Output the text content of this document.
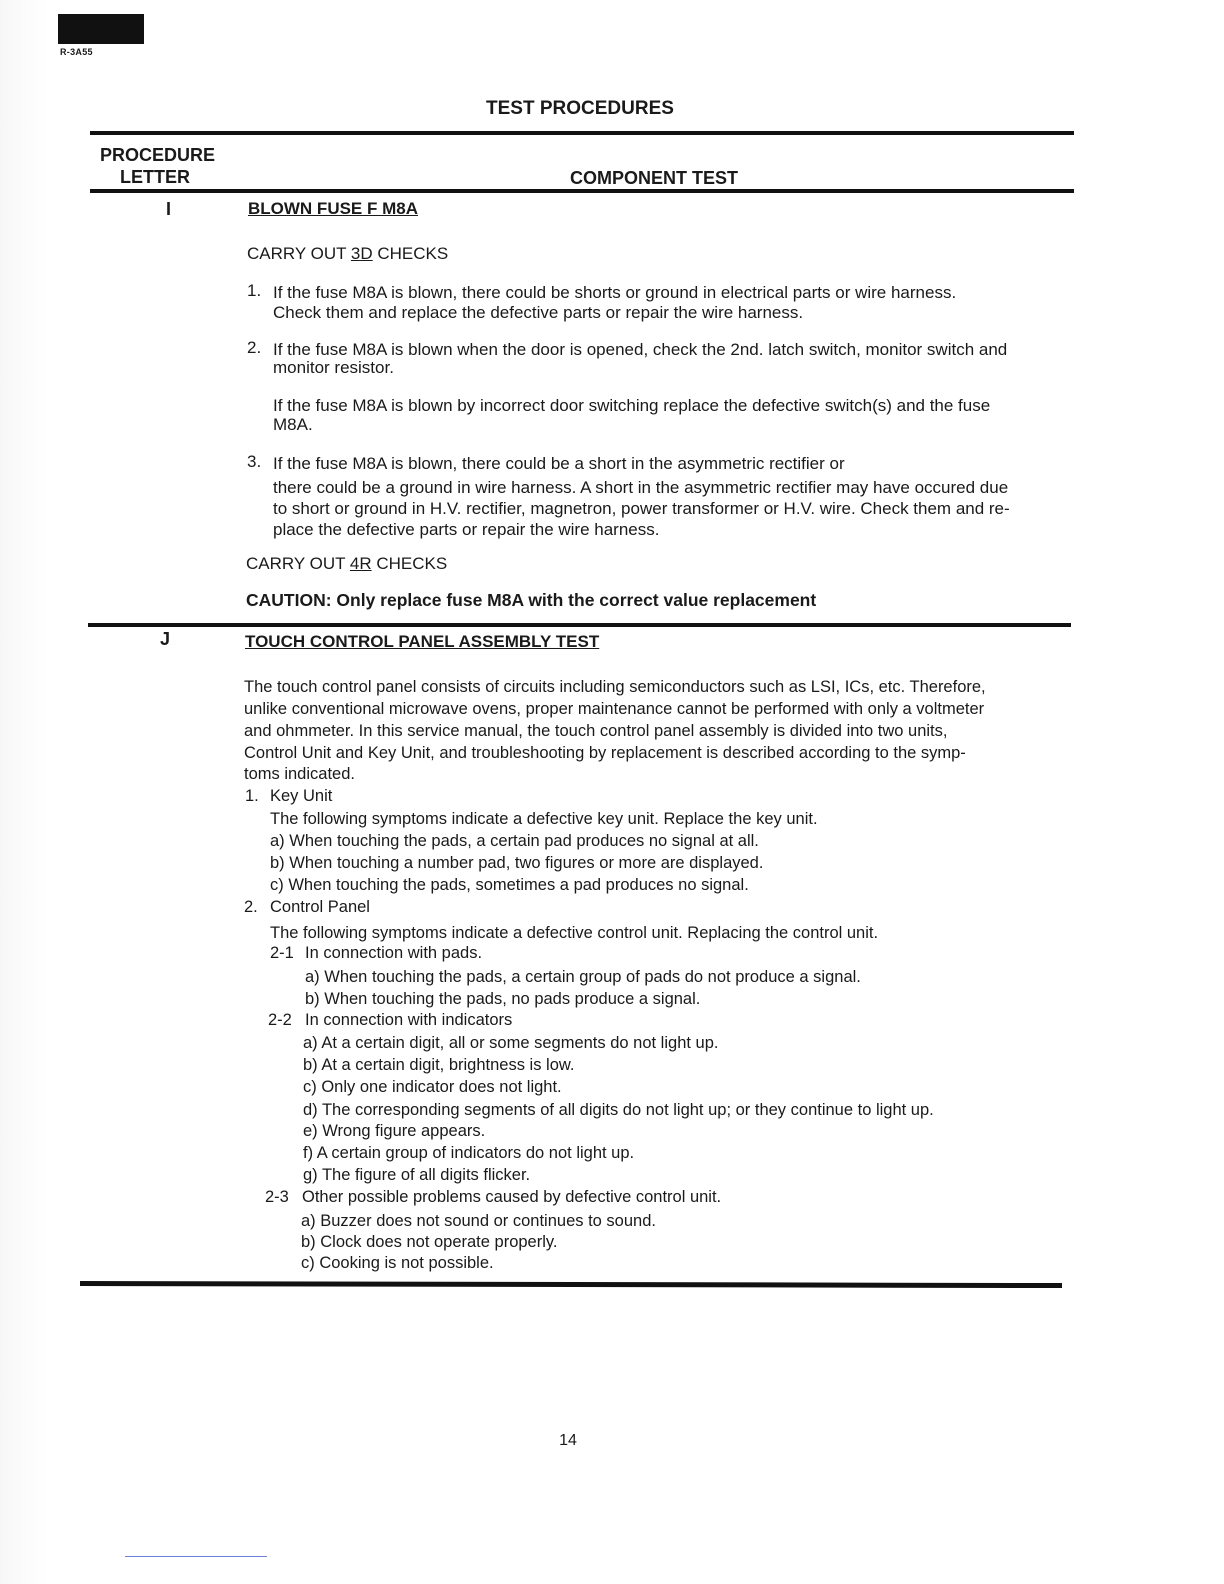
R-3A55
TEST PROCEDURES
PROCEDURE
LETTER	COMPONENT TEST
I	BLOWN FUSE F M8A
CARRY OUT 3D CHECKS
1. If the fuse M8A is blown, there could be shorts or ground in electrical parts or wire harness.
Check them and replace the defective parts or repair the wire harness.
2. If the fuse M8A is blown when the door is opened, check the 2nd. latch switch, monitor switch and
monitor resistor.
If the fuse M8A is blown by incorrect door switching replace the defective switch(s) and the fuse
M8A.
3. If the fuse M8A is blown, there could be a short in the asymmetric rectifier or
there could be a ground in wire harness. A short in the asymmetric rectifier may have occured due
to short or ground in H.V. rectifier, magnetron, power transformer or H.V. wire. Check them and re-
place the defective parts or repair the wire harness.
CARRY OUT 4R CHECKS
CAUTION: Only replace fuse M8A with the correct value replacement
J	TOUCH CONTROL PANEL ASSEMBLY TEST
The touch control panel consists of circuits including semiconductors such as LSI, ICs, etc. Therefore,
unlike conventional microwave ovens, proper maintenance cannot be performed with only a voltmeter
and ohmmeter. In this service manual, the touch control panel assembly is divided into two units,
Control Unit and Key Unit, and troubleshooting by replacement is described according to the symp-
toms indicated.
1. Key Unit
The following symptoms indicate a defective key unit. Replace the key unit.
a) When touching the pads, a certain pad produces no signal at all.
b) When touching a number pad, two figures or more are displayed.
c) When touching the pads, sometimes a pad produces no signal.
2. Control Panel
The following symptoms indicate a defective control unit. Replacing the control unit.
2-1 In connection with pads.
a) When touching the pads, a certain group of pads do not produce a signal.
b) When touching the pads, no pads produce a signal.
2-2 In connection with indicators
a) At a certain digit, all or some segments do not light up.
b) At a certain digit, brightness is low.
c) Only one indicator does not light.
d) The corresponding segments of all digits do not light up; or they continue to light up.
e) Wrong figure appears.
f) A certain group of indicators do not light up.
g) The figure of all digits flicker.
2-3 Other possible problems caused by defective control unit.
a) Buzzer does not sound or continues to sound.
b) Clock does not operate properly.
c) Cooking is not possible.
14
